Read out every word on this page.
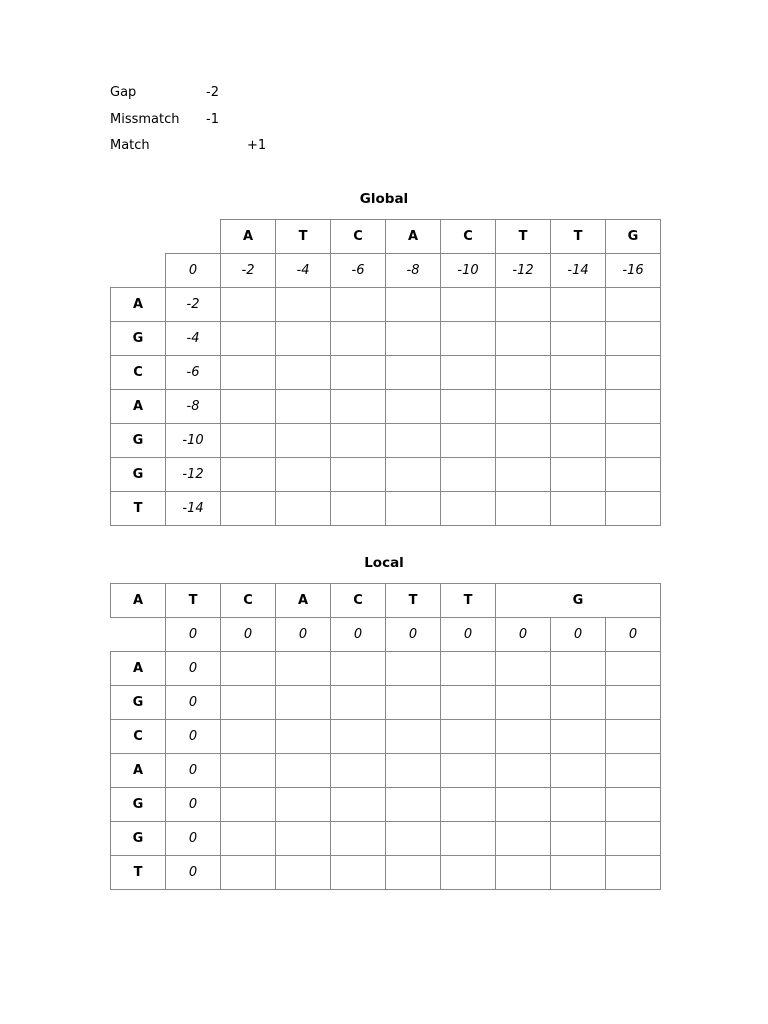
Gap	-2
Missmatch -1
Match	+1
Global
		A	T	C	A	C	T	T	G
	0	-2	-4	-6	-8	-10	-12	-14	-16
A	-2								
G	-4								
C	-6								
A	-8								
G	-10								
G	-12								
T	-14								
Local
A	T	C	A	C	T	T	G		
	0	0	0	0	0	0	0	0	0
A	0								
G	0								
C	0								
A	0								
G	0								
G	0								
T	0								
